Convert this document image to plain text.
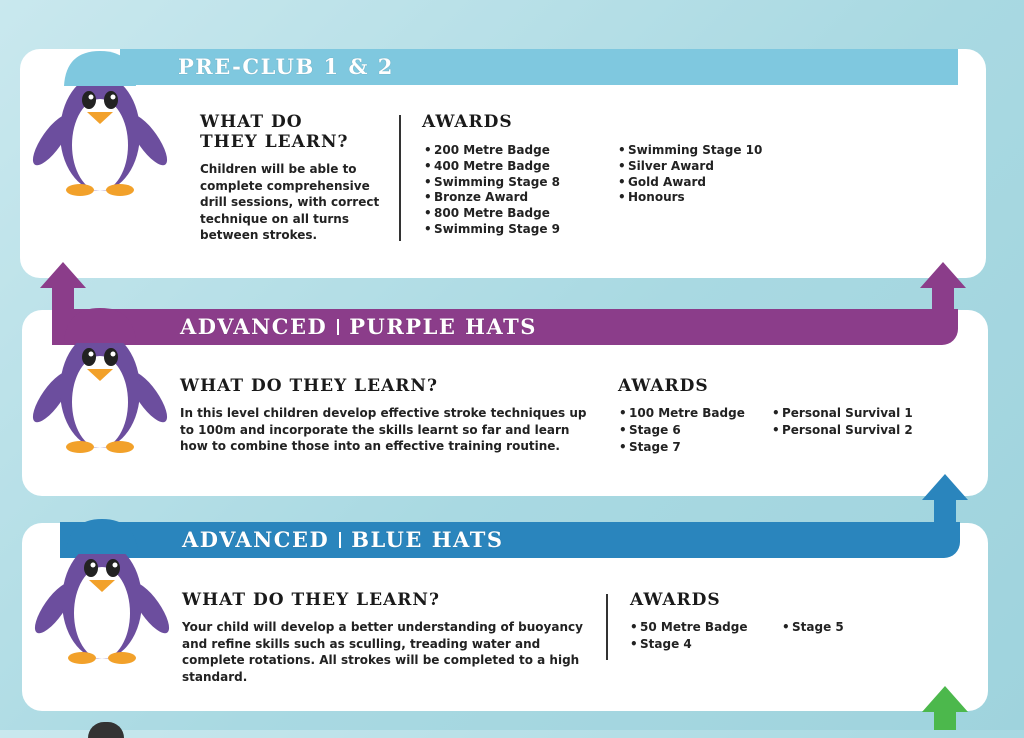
PRE-CLUB 1 & 2
WHAT DO
THEY LEARN?
Children will be able to complete comprehensive drill sessions, with correct technique on all turns between strokes.
AWARDS
• 200 Metre Badge
• 400 Metre Badge
• Swimming Stage 8
• Bronze Award
• 800 Metre Badge
• Swimming Stage 9
• Swimming Stage 10
• Silver Award
• Gold Award
• Honours
ADVANCED PURPLE HATS
WHAT DO THEY LEARN?
In this level children develop effective stroke techniques up to 100m and incorporate the skills learnt so far and learn how to combine those into an effective training routine.
AWARDS
• 100 Metre Badge
• Stage 6
• Stage 7
• Personal Survival 1
• Personal Survival 2
ADVANCED BLUE HATS
WHAT DO THEY LEARN?
Your child will develop a better understanding of buoyancy and refine skills such as sculling, treading water and complete rotations. All strokes will be completed to a high standard.
AWARDS
• 50 Metre Badge
• Stage 4
• Stage 5
